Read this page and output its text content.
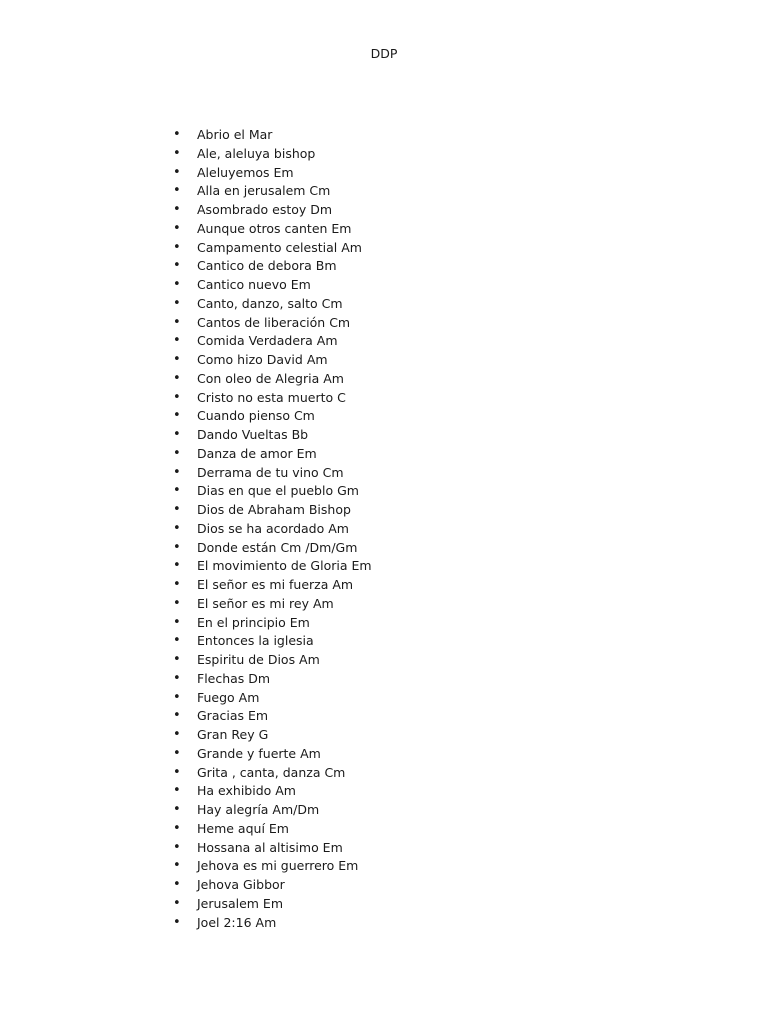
DDP
• Abrio el Mar
• Ale, aleluya bishop
• Aleluyemos Em
• Alla en jerusalem Cm
• Asombrado estoy Dm
• Aunque otros canten Em
• Campamento celestial Am
• Cantico de debora Bm
• Cantico nuevo Em
• Canto, danzo, salto Cm
• Cantos de liberación Cm
• Comida Verdadera Am
• Como hizo David Am
• Con oleo de Alegria Am
• Cristo no esta muerto C
• Cuando pienso Cm
• Dando Vueltas Bb
• Danza de amor Em
• Derrama de tu vino Cm
• Dias en que el pueblo Gm
• Dios de Abraham Bishop
• Dios se ha acordado Am
• Donde están Cm /Dm/Gm
• El movimiento de Gloria Em
• El señor es mi fuerza Am
• El señor es mi rey Am
• En el principio Em
• Entonces la iglesia
• Espiritu de Dios Am
• Flechas Dm
• Fuego Am
• Gracias Em
• Gran Rey G
• Grande y fuerte Am
• Grita , canta, danza Cm
• Ha exhibido Am
• Hay alegría Am/Dm
• Heme aquí Em
• Hossana al altisimo Em
• Jehova es mi guerrero Em
• Jehova Gibbor
• Jerusalem Em
• Joel 2:16 Am
